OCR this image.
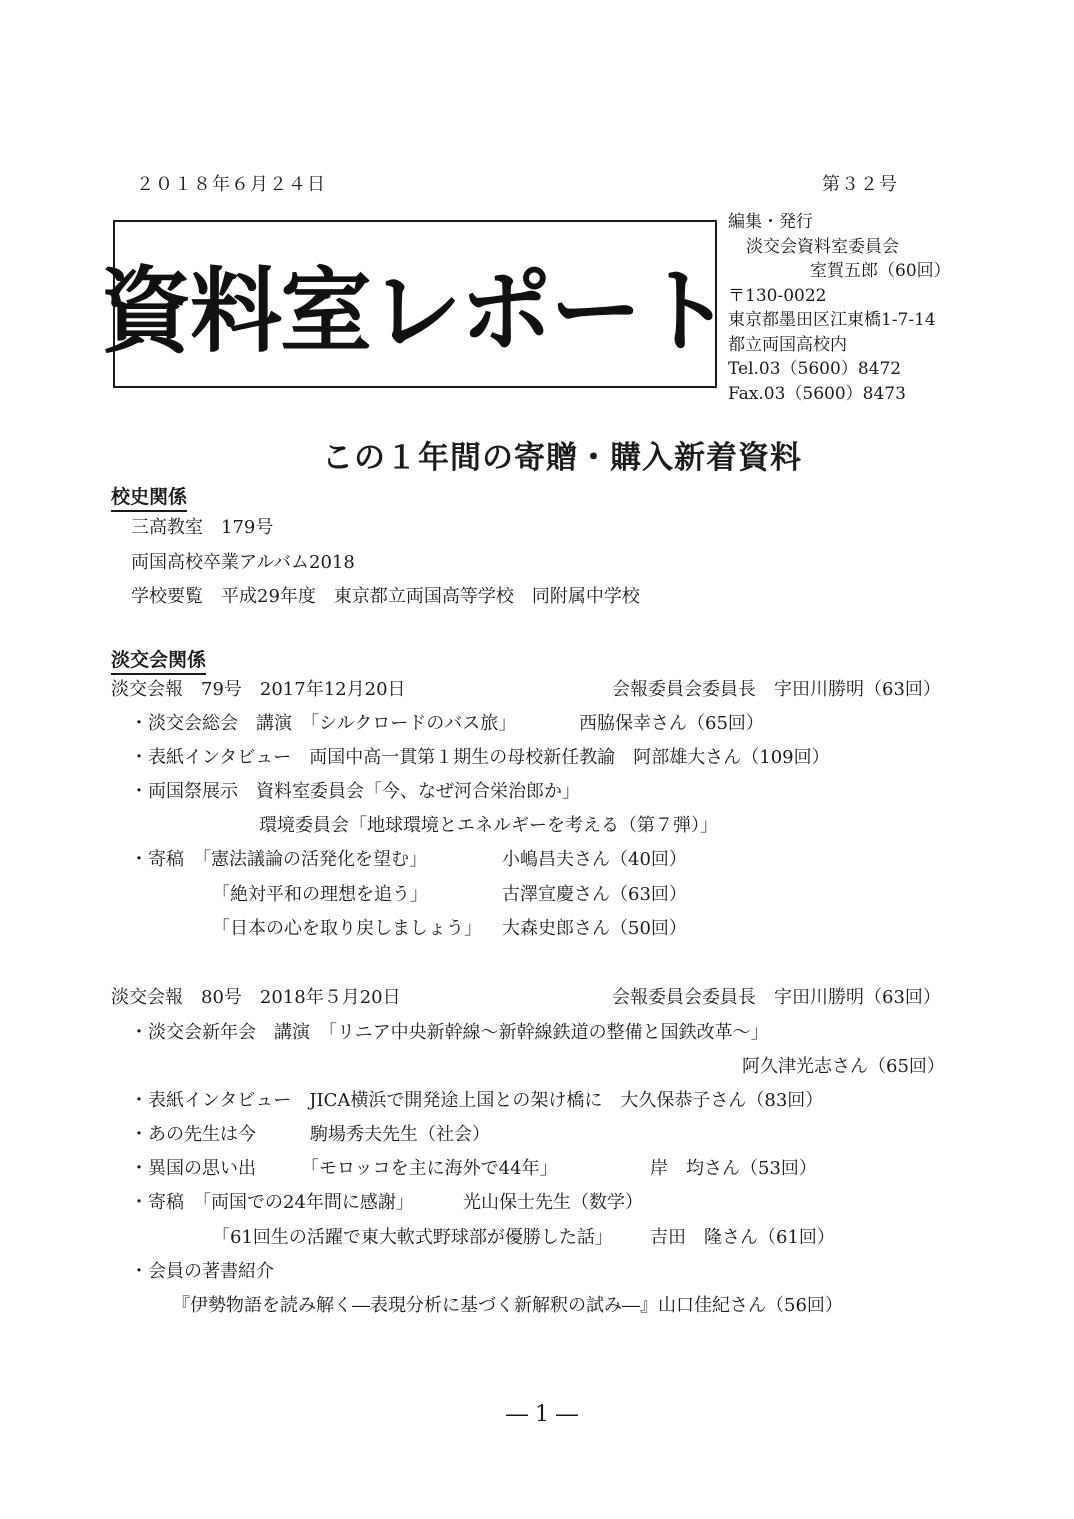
２０１８年６月２４日	第３２号
資料室レポート
編集・発行
淡交会資料室委員会
室賀五郎（60回）
〒130-0022
東京都墨田区江東橋1-7-14
都立両国高校内
Tel.03（5600）8472
Fax.03（5600）8473
この１年間の寄贈・購入新着資料
校史関係
三高教室　179号
両国高校卒業アルバム2018
学校要覧　平成29年度　東京都立両国高等学校　同附属中学校
淡交会関係
淡交会報　79号　2017年12月20日	会報委員会委員長　宇田川勝明（63回）
・淡交会総会　講演　「シルクロードのバス旅」	西脇保幸さん（65回）
・表紙インタビュー　両国中高一貫第１期生の母校新任教諭　阿部雄大さん（109回）
・両国祭展示　資料室委員会「今、なぜ河合栄治郎か」
環境委員会「地球環境とエネルギーを考える（第７弾）」
・寄稿　「憲法議論の活発化を望む」	小嶋昌夫さん（40回）
「絶対平和の理想を追う」	古澤宣慶さん（63回）
「日本の心を取り戻しましょう」 大森史郎さん（50回）
淡交会報　80号　2018年５月20日	会報委員会委員長　宇田川勝明（63回）
・淡交会新年会　講演　「リニア中央新幹線～新幹線鉄道の整備と国鉄改革～」
阿久津光志さん（65回）
・表紙インタビュー　JICA横浜で開発途上国との架け橋に　大久保恭子さん（83回）
・あの先生は今　　　駒場秀夫先生（社会）
・異国の思い出　　　「モロッコを主に海外で44年」	岸　均さん（53回）
・寄稿　「両国での24年間に感謝」	光山保士先生（数学）
「61回生の活躍で東大軟式野球部が優勝した話」 吉田　隆さん（61回）
・会員の著書紹介
『伊勢物語を読み解く―表現分析に基づく新解釈の試み―』山口佳紀さん（56回）
― 1 ―
